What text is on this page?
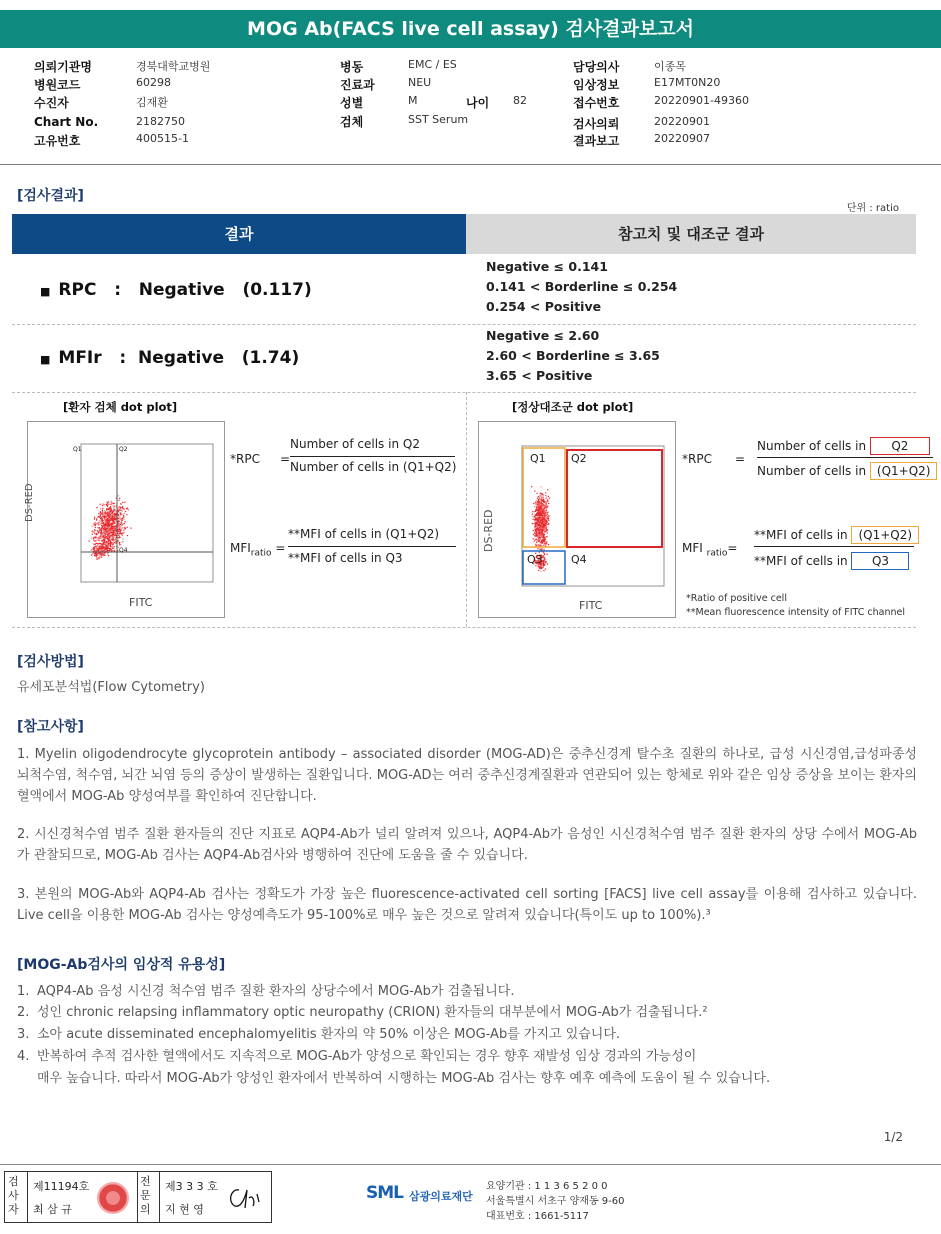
MOG Ab(FACS live cell assay) 검사결과보고서
의뢰기관명	경북대학교병원
병원코드	60298
수진자	김재환
Chart No.	2182750
고유번호	400515-1
병동	EMC / ES
진료과	NEU
성별	M	나이 82
검체	SST Serum
담당의사	이종목
임상정보	E17MT0N20
접수번호	20220901-49360
검사의뢰	20220901
결과보고	20220907
[검사결과]
단위 : ratio
결과	참고치 및 대조군 결과
■ RPC   :   Negative   (0.117)
Negative ≤ 0.141
0.141 < Borderline ≤ 0.254
0.254 < Positive
■ MFIr   :  Negative   (1.74)
Negative ≤ 2.60
2.60 < Borderline ≤ 3.65
3.65 < Positive
[환자 검체 dot plot]
Q1	Q2
Q4
DS-RED
FITC
*RPC =
Number of cells in Q2
Number of cells in (Q1+Q2)
$MFI_{ratio}$ =
**MFI of cells in (Q1+Q2)
**MFI of cells in Q3
[정상대조군 dot plot]
Q1 Q2
Q3	Q4
DS-RED
FITC
*RPC =
Number of cells in Q2
Number of cells in (Q1+Q2)
MFI $_{ratio}$=
**MFI of cells in (Q1+Q2)
**MFI of cells in Q3
*Ratio of positive cell
**Mean fluorescence intensity of FITC channel
[검사방법]
유세포분석법(Flow Cytometry)
[참고사항]
1. Myelin oligodendrocyte glycoprotein antibody – associated disorder (MOG-AD)은 중추신경계 탈수초 질환의 하나로, 급성 시신경염,급성파종성 뇌척수염, 척수염, 뇌간 뇌염 등의 증상이 발생하는 질환입니다. MOG-AD는 여러 중추신경계질환과 연관되어 있는 항체로 위와 같은 임상 증상을 보이는 환자의 혈액에서 MOG-Ab 양성여부를 확인하여 진단합니다.
2. 시신경척수염 범주 질환 환자들의 진단 지표로 AQP4-Ab가 널리 알려져 있으나, AQP4-Ab가 음성인 시신경척수염 범주 질환 환자의 상당 수에서 MOG-Ab가 관찰되므로, MOG-Ab 검사는 AQP4-Ab검사와 병행하여 진단에 도움을 줄 수 있습니다.
3. 본원의 MOG-Ab와 AQP4-Ab 검사는 정확도가 가장 높은 fluorescence-activated cell sorting [FACS] live cell assay를 이용해 검사하고 있습니다. Live cell을 이용한 MOG-Ab 검사는 양성예측도가 95-100%로 매우 높은 것으로 알려져 있습니다(특이도 up to 100%).³
[MOG-Ab검사의 임상적 유용성]
1. AQP4-Ab 음성 시신경 척수염 범주 질환 환자의 상당수에서 MOG-Ab가 검출됩니다.
2. 성인 chronic relapsing inflammatory optic neuropathy (CRION) 환자들의 대부분에서 MOG-Ab가 검출됩니다.²
3. 소아 acute disseminated encephalomyelitis 환자의 약 50% 이상은 MOG-Ab를 가지고 있습니다.
4. 반복하여 추적 검사한 혈액에서도 지속적으로 MOG-Ab가 양성으로 확인되는 경우 향후 재발성 임상 경과의 가능성이
매우 높습니다. 따라서 MOG-Ab가 양성인 환자에서 반복하여 시행하는 MOG-Ab 검사는 향후 예후 예측에 도움이 될 수 있습니다.
1/2
검사자
제11194호
최 삼 규
전문의
제3 3 3 호
지 현 영
SML 삼광의료재단
요양기관 : 1 1 3 6 5 2 0 0
서울특별시 서초구 양재동 9-60
대표번호 : 1661-5117
